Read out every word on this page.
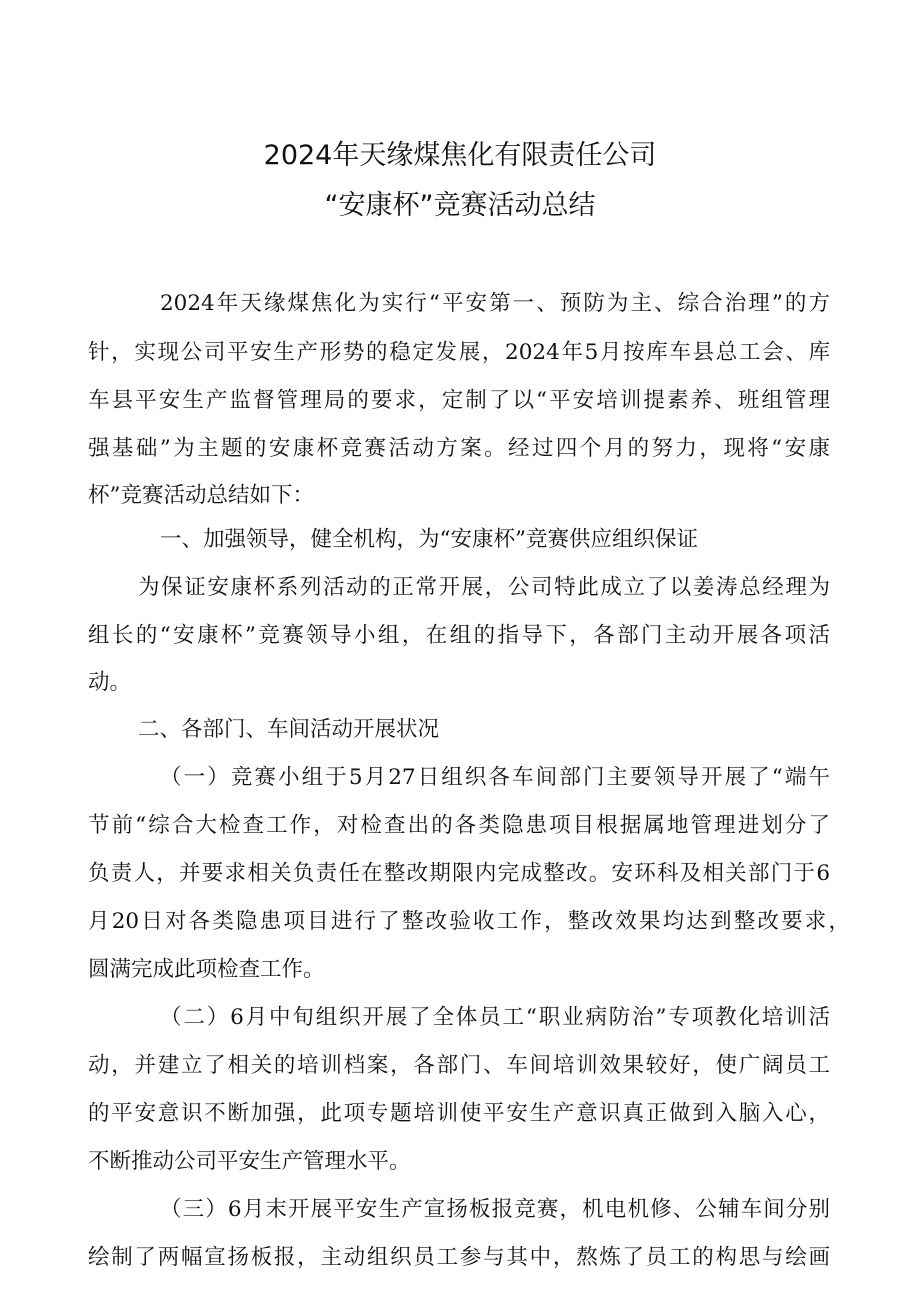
2024年天缘煤焦化有限责任公司
“安康杯”竞赛活动总结
2024年天缘煤焦化为实行“平安第一、预防为主、综合治理”的方
针，实现公司平安生产形势的稳定发展，2024年5月按库车县总工会、库
车县平安生产监督管理局的要求，定制了以“平安培训提素养、班组管理
强基础”为主题的安康杯竞赛活动方案。经过四个月的努力，现将“安康
杯”竞赛活动总结如下：
一、加强领导，健全机构，为“安康杯”竞赛供应组织保证
为保证安康杯系列活动的正常开展，公司特此成立了以姜涛总经理为
组长的“安康杯”竞赛领导小组，在组的指导下，各部门主动开展各项活
动。
二、各部门、车间活动开展状况
（一）竞赛小组于5月27日组织各车间部门主要领导开展了“端午
节前“综合大检查工作，对检查出的各类隐患项目根据属地管理进划分了
负责人，并要求相关负责任在整改期限内完成整改。安环科及相关部门于6
月20日对各类隐患项目进行了整改验收工作，整改效果均达到整改要求，
圆满完成此项检查工作。
（二）6月中旬组织开展了全体员工“职业病防治”专项教化培训活
动，并建立了相关的培训档案，各部门、车间培训效果较好，使广阔员工
的平安意识不断加强，此项专题培训使平安生产意识真正做到入脑入心，
不断推动公司平安生产管理水平。
（三）6月末开展平安生产宣扬板报竞赛，机电机修、公辅车间分别
绘制了两幅宣扬板报，主动组织员工参与其中，熬炼了员工的构思与绘画
